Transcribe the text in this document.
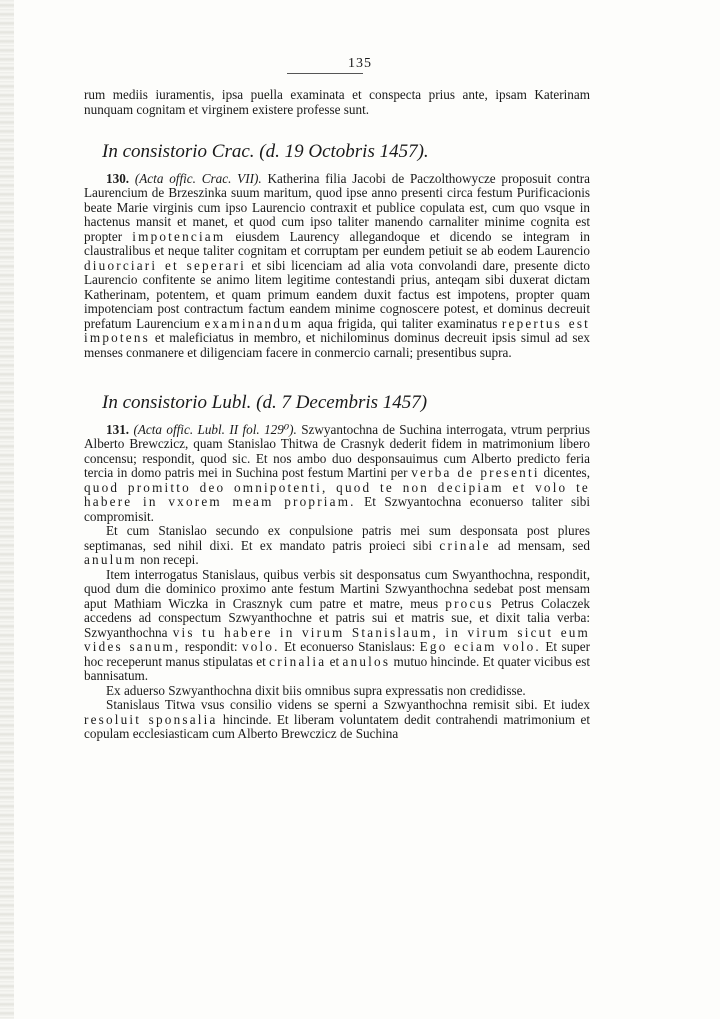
135

rum mediis iuramentis, ipsa puella examinata et conspecta prius ante, ipsam Katerinam nunquam cognitam et virginem existere professe sunt.

In consistorio Crac. (d. 19 Octobris 1457).

130. (Acta offic. Crac. VII). Katherina filia Jacobi de Paczolthowycze proposuit contra Laurencium de Brzeszinka suum maritum, quod ipse anno presenti circa festum Purificacionis beate Marie virginis cum ipso Laurencio contraxit et publice copulata est, cum quo vsque in hactenus mansit et manet, et quod cum ipso taliter manendo carnaliter minime cognita est propter impotenciam eiusdem Laurency allegandoque et dicendo se integram in claustralibus et neque taliter cognitam et corruptam per eundem petiuit se ab eodem Laurencio diuorciari et seperari et sibi licenciam ad alia vota convolandi dare, presente dicto Laurencio confitente se animo litem legitime contestandi prius, anteqam sibi duxerat dictam Katherinam, potentem, et quam primum eandem duxit factus est impotens, propter quam impotenciam post contractum factum eandem minime cognoscere potest, et dominus decreuit prefatum Laurencium examinandum aqua frigida, qui taliter examinatus repertus est impotens et maleficiatus in membro, et nichilominus dominus decreuit ipsis simul ad sex menses conmanere et diligenciam facere in conmercio carnali; presentibus supra.

In consistorio Lubl. (d. 7 Decembris 1457)

131. (Acta offic. Lubl. II fol. 129⁰). Szwyantochna de Suchina interrogata, vtrum perprius Alberto Brewczicz, quam Stanislao Thitwa de Crasnyk dederit fidem in matrimonium libero concensu; respondit, quod sic. Et nos ambo duo desponsauimus cum Alberto predicto feria tercia in domo patris mei in Suchina post festum Martini per verba de presenti dicentes, quod promitto deo omnipotenti, quod te non decipiam et volo te habere in vxorem meam propriam. Et Szwyantochna econuerso taliter sibi compromisit.

Et cum Stanislao secundo ex conpulsione patris mei sum desponsata post plures septimanas, sed nihil dixi. Et ex mandato patris proieci sibi crinale ad mensam, sed anulum non recepi.

Item interrogatus Stanislaus, quibus verbis sit desponsatus cum Swyanthochna, respondit, quod dum die dominico proximo ante festum Martini Szwyanthochna sedebat post mensam aput Mathiam Wiczka in Crasznyk cum patre et matre, meus procus Petrus Colaczek accedens ad conspectum Szwyanthochne et patris sui et matris sue, et dixit talia verba: Szwyanthochna vis tu habere in virum Stanislaum, in virum sicut eum vides sanum, respondit: volo. Et econuerso Stanislaus: Ego eciam volo. Et super hoc receperunt manus stipulatas et crinalia et anulos mutuo hincinde. Et quater vicibus est bannisatum.

Ex aduerso Szwyanthochna dixit biis omnibus supra expressatis non credidisse.

Stanislaus Titwa vsus consilio videns se sperni a Szwyanthochna remisit sibi. Et iudex resoluit sponsalia hincinde. Et liberam voluntatem dedit contrahendi matrimonium et copulam ecclesiasticam cum Alberto Brewczicz de Suchina
